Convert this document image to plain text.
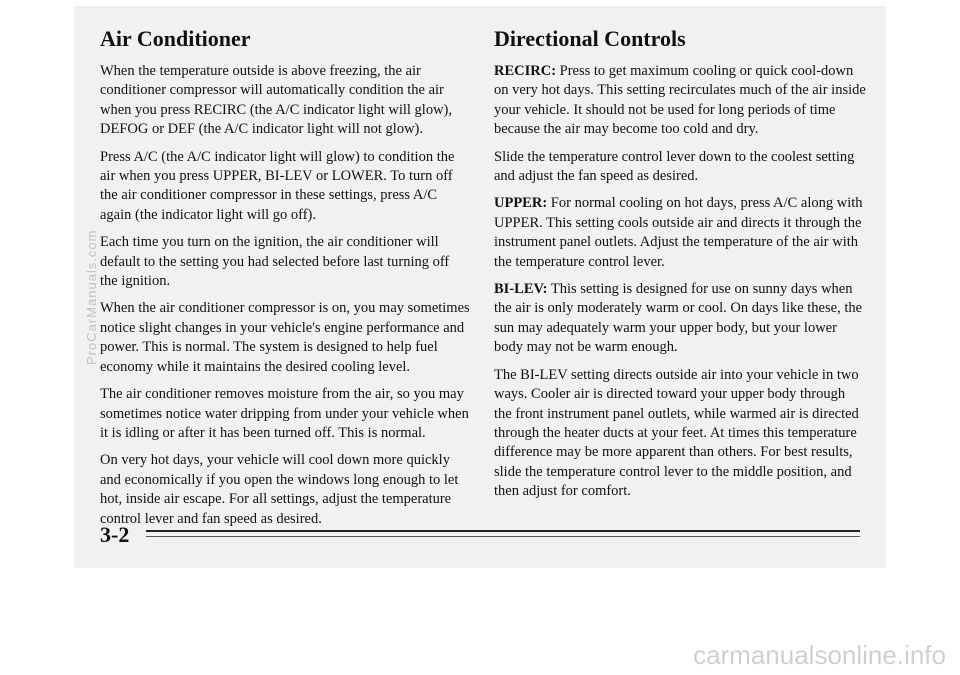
Air Conditioner

When the temperature outside is above freezing, the air conditioner compressor will automatically condition the air when you press RECIRC (the A/C indicator light will glow), DEFOG or DEF (the A/C indicator light will not glow).

Press A/C (the A/C indicator light will glow) to condition the air when you press UPPER, BI-LEV or LOWER. To turn off the air conditioner compressor in these settings, press A/C again (the indicator light will go off).

Each time you turn on the ignition, the air conditioner will default to the setting you had selected before last turning off the ignition.

When the air conditioner compressor is on, you may sometimes notice slight changes in your vehicle's engine performance and power. This is normal. The system is designed to help fuel economy while it maintains the desired cooling level.

The air conditioner removes moisture from the air, so you may sometimes notice water dripping from under your vehicle when it is idling or after it has been turned off. This is normal.

On very hot days, your vehicle will cool down more quickly and economically if you open the windows long enough to let hot, inside air escape. For all settings, adjust the temperature control lever and fan speed as desired.

Directional Controls

RECIRC: Press to get maximum cooling or quick cool-down on very hot days. This setting recirculates much of the air inside your vehicle. It should not be used for long periods of time because the air may become too cold and dry.

Slide the temperature control lever down to the coolest setting and adjust the fan speed as desired.

UPPER: For normal cooling on hot days, press A/C along with UPPER. This setting cools outside air and directs it through the instrument panel outlets. Adjust the temperature of the air with the temperature control lever.

BI-LEV: This setting is designed for use on sunny days when the air is only moderately warm or cool. On days like these, the sun may adequately warm your upper body, but your lower body may not be warm enough.

The BI-LEV setting directs outside air into your vehicle in two ways. Cooler air is directed toward your upper body through the front instrument panel outlets, while warmed air is directed through the heater ducts at your feet. At times this temperature difference may be more apparent than others. For best results, slide the temperature control lever to the middle position, and then adjust for comfort.

3-2
ProCarManuals.com
carmanualsonline.info
